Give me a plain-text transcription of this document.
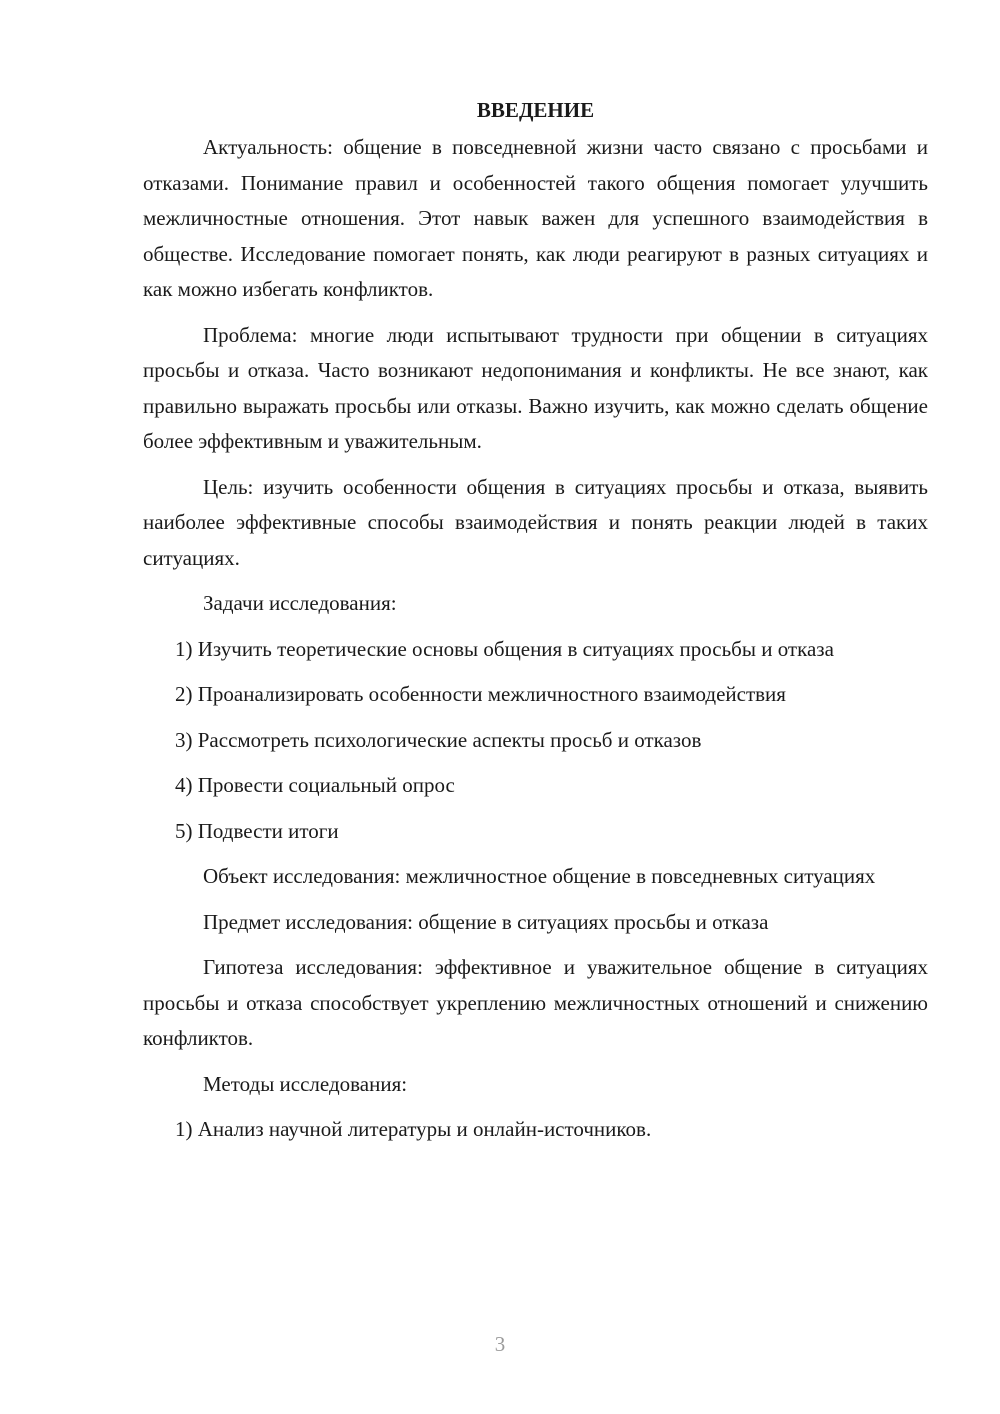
ВВЕДЕНИЕ

Актуальность: общение в повседневной жизни часто связано с просьбами и отказами. Понимание правил и особенностей такого общения помогает улучшить межличностные отношения. Этот навык важен для успешного взаимодействия в обществе. Исследование помогает понять, как люди реагируют в разных ситуациях и как можно избегать конфликтов.

Проблема: многие люди испытывают трудности при общении в ситуациях просьбы и отказа. Часто возникают недопонимания и конфликты. Не все знают, как правильно выражать просьбы или отказы. Важно изучить, как можно сделать общение более эффективным и уважительным.

Цель: изучить особенности общения в ситуациях просьбы и отказа, выявить наиболее эффективные способы взаимодействия и понять реакции людей в таких ситуациях.

Задачи исследования:

1) Изучить теоретические основы общения в ситуациях просьбы и отказа

2) Проанализировать особенности межличностного взаимодействия

3) Рассмотреть психологические аспекты просьб и отказов

4) Провести социальный опрос

5) Подвести итоги

Объект исследования: межличностное общение в повседневных ситуациях

Предмет исследования: общение в ситуациях просьбы и отказа

Гипотеза исследования: эффективное и уважительное общение в ситуациях просьбы и отказа способствует укреплению межличностных отношений и снижению конфликтов.

Методы исследования:

1) Анализ научной литературы и онлайн-источников.

3
